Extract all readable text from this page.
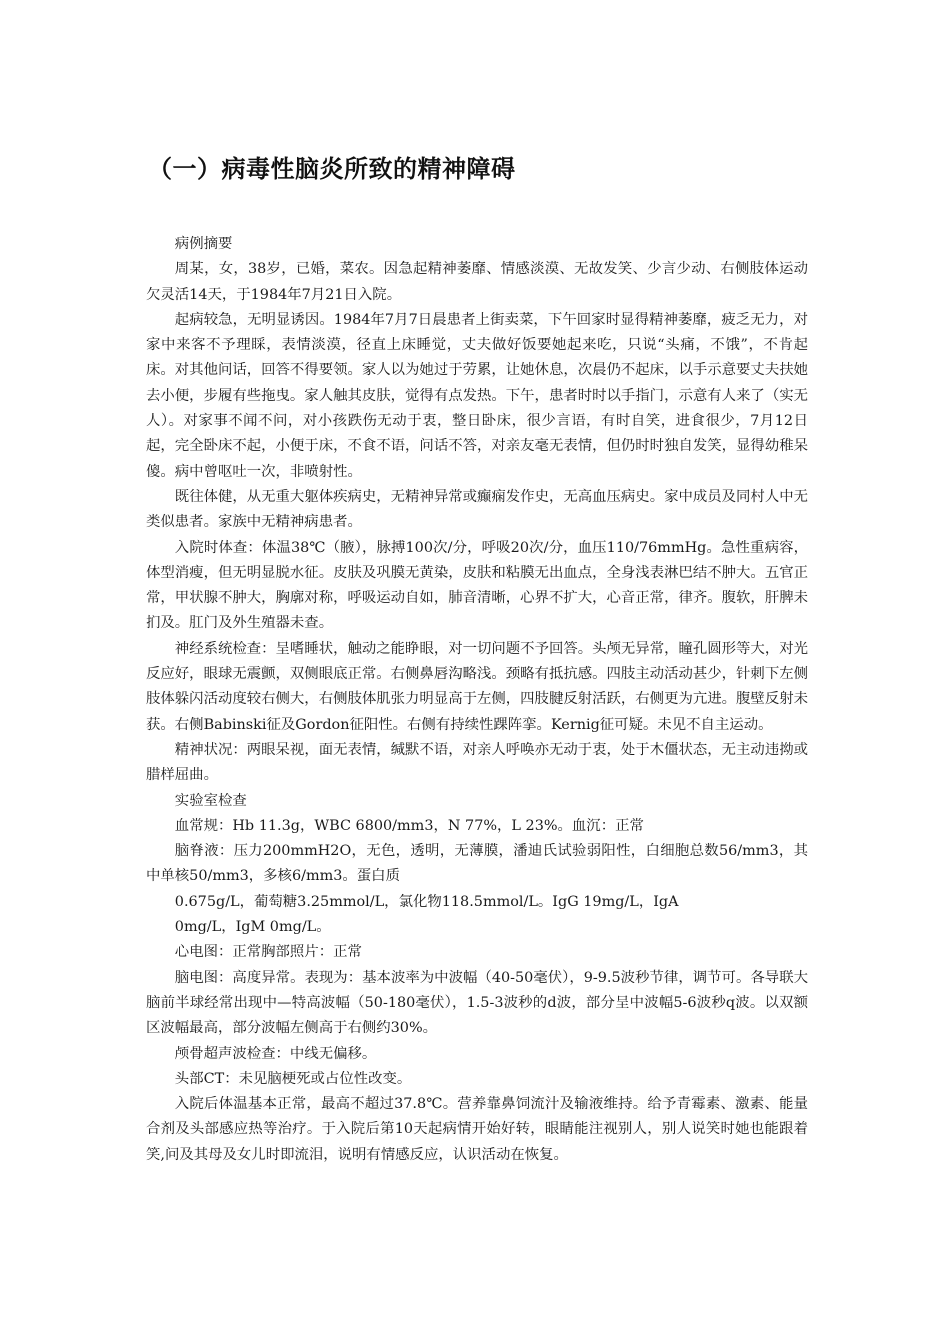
（一）病毒性脑炎所致的精神障碍

病例摘要

周某，女，38岁，已婚，菜农。因急起精神萎靡、情感淡漠、无故发笑、少言少动、右侧肢体运动欠灵活14天，于1984年7月21日入院。

起病较急，无明显诱因。1984年7月7日晨患者上街卖菜，下午回家时显得精神萎靡，疲乏无力，对家中来客不予理睬，表情淡漠，径直上床睡觉，丈夫做好饭要她起来吃，只说“头痛，不饿”，不肯起床。对其他问话，回答不得要领。家人以为她过于劳累，让她休息，次晨仍不起床，以手示意要丈夫扶她去小便，步履有些拖曳。家人触其皮肤，觉得有点发热。下午，患者时时以手指门，示意有人来了（实无人）。对家事不闻不问，对小孩跌伤无动于衷，整日卧床，很少言语，有时自笑，进食很少，7月12日起，完全卧床不起，小便于床，不食不语，问话不答，对亲友毫无表情，但仍时时独自发笑，显得幼稚呆傻。病中曾呕吐一次，非喷射性。

既往体健，从无重大躯体疾病史，无精神异常或癫痫发作史，无高血压病史。家中成员及同村人中无类似患者。家族中无精神病患者。

入院时体查：体温38℃（腋），脉搏100次/分，呼吸20次/分，血压110/76mmHg。急性重病容，体型消瘦，但无明显脱水征。皮肤及巩膜无黄染，皮肤和粘膜无出血点，全身浅表淋巴结不肿大。五官正常，甲状腺不肿大，胸廓对称，呼吸运动自如，肺音清晰，心界不扩大，心音正常，律齐。腹软，肝脾未扪及。肛门及外生殖器未查。

神经系统检查：呈嗜睡状，触动之能睁眼，对一切问题不予回答。头颅无异常，瞳孔圆形等大，对光反应好，眼球无震颤，双侧眼底正常。右侧鼻唇沟略浅。颈略有抵抗感。四肢主动活动甚少，针刺下左侧肢体躲闪活动度较右侧大，右侧肢体肌张力明显高于左侧，四肢腱反射活跃，右侧更为亢进。腹壁反射未获。右侧Babinski征及Gordon征阳性。右侧有持续性踝阵挛。Kernig征可疑。未见不自主运动。

精神状况：两眼呆视，面无表情，缄默不语，对亲人呼唤亦无动于衷，处于木僵状态，无主动违拗或腊样屈曲。

实验室检查

血常规：Hb 11.3g，WBC 6800/mm3，N 77%，L 23%。血沉：正常

脑脊液：压力200mmH2O，无色，透明，无薄膜，潘迪氏试验弱阳性，白细胞总数56/mm3，其中单核50/mm3，多核6/mm3。蛋白质

0.675g/L，葡萄糖3.25mmol/L，氯化物118.5mmol/L。IgG 19mg/L，IgA

0mg/L，IgM 0mg/L。

心电图：正常胸部照片：正常

脑电图：高度异常。表现为：基本波率为中波幅（40-50毫伏），9-9.5波秒节律，调节可。各导联大脑前半球经常出现中—特高波幅（50-180毫伏），1.5-3波秒的d波，部分呈中波幅5-6波秒q波。以双额区波幅最高，部分波幅左侧高于右侧约30%。

颅骨超声波检查：中线无偏移。

头部CT：未见脑梗死或占位性改变。

入院后体温基本正常，最高不超过37.8℃。营养靠鼻饲流汁及输液维持。给予青霉素、激素、能量合剂及头部感应热等治疗。于入院后第10天起病情开始好转，眼睛能注视别人，别人说笑时她也能跟着笑,问及其母及女儿时即流泪，说明有情感反应，认识活动在恢复。
